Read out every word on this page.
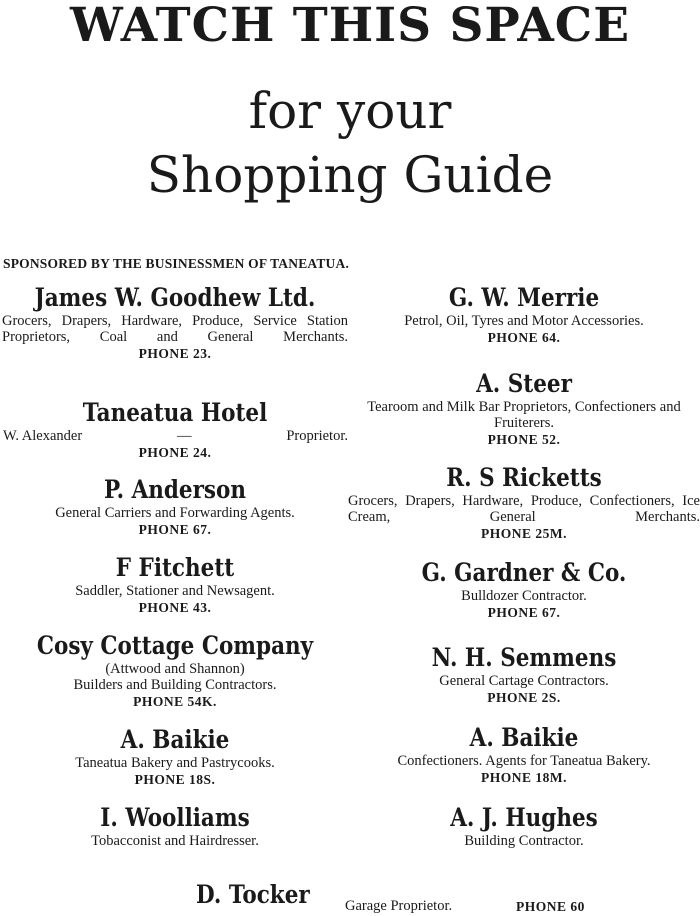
WATCH THIS SPACE
for your
Shopping Guide
SPONSORED BY THE BUSINESSMEN OF TANEATUA.
James W. Goodhew Ltd.
Grocers, Drapers, Hardware, Produce, Service Station Proprietors, Coal and General Merchants.
PHONE 23.
Taneatua Hotel
W. Alexander	—	Proprietor.
PHONE 24.
P. Anderson
General Carriers and Forwarding Agents.
PHONE 67.
F Fitchett
Saddler, Stationer and Newsagent.
PHONE 43.
Cosy Cottage Company
(Attwood and Shannon)
Builders and Building Contractors.
PHONE 54K.
A. Baikie
Taneatua Bakery and Pastrycooks.
PHONE 18S.
I. Woolliams
Tobacconist and Hairdresser.
G. W. Merrie
Petrol, Oil, Tyres and Motor Accessories.
PHONE 64.
A. Steer
Tearoom and Milk Bar Proprietors, Confectioners and Fruiterers.
PHONE 52.
R. S Ricketts
Grocers, Drapers, Hardware, Produce, Confectioners, Ice Cream, General Merchants.
PHONE 25M.
G. Gardner & Co.
Bulldozer Contractor.
PHONE 67.
N. H. Semmens
General Cartage Contractors.
PHONE 2S.
A. Baikie
Confectioners. Agents for Taneatua Bakery.
PHONE 18M.
A. J. Hughes
Building Contractor.
D. Tocker Garage Proprietor.	PHONE 60
